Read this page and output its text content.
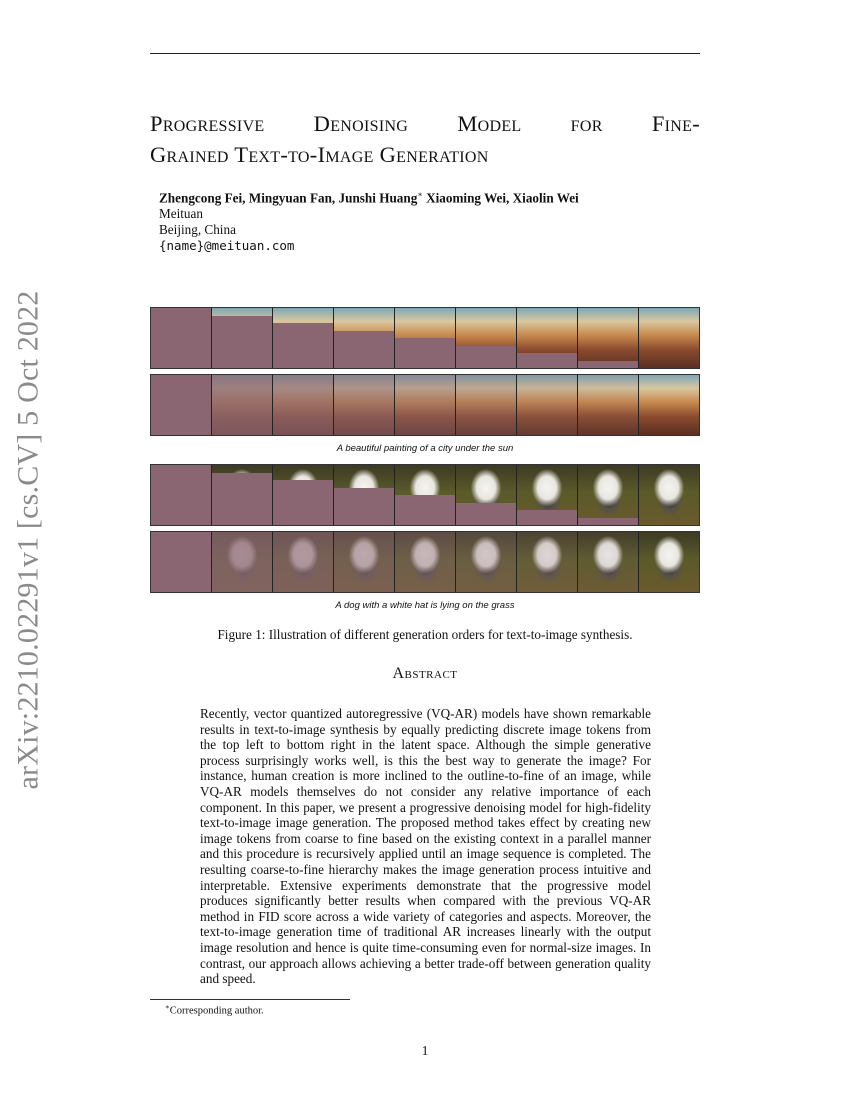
arXiv:2210.02291v1 [cs.CV] 5 Oct 2022
Progressive Denoising Model for Fine-
Grained Text-to-Image Generation
Zhengcong Fei, Mingyuan Fan, Junshi Huang∗ Xiaoming Wei, Xiaolin Wei
Meituan
Beijing, China
{name}@meituan.com
A beautiful painting of a city under the sun
A dog with a white hat is lying on the grass
Figure 1: Illustration of different generation orders for text-to-image synthesis.
Abstract

Recently, vector quantized autoregressive (VQ-AR) models have shown remarkable results in text-to-image synthesis by equally predicting discrete image tokens from the top left to bottom right in the latent space. Although the simple generative process surprisingly works well, is this the best way to generate the image? For instance, human creation is more inclined to the outline-to-fine of an image, while VQ-AR models themselves do not consider any relative importance of each component. In this paper, we present a progressive denoising model for high-fidelity text-to-image image generation. The proposed method takes effect by creating new image tokens from coarse to fine based on the existing context in a parallel manner and this procedure is recursively applied until an image sequence is completed. The resulting coarse-to-fine hierarchy makes the image generation process intuitive and interpretable. Extensive experiments demonstrate that the progressive model produces significantly better results when compared with the previous VQ-AR method in FID score across a wide variety of categories and aspects. Moreover, the text-to-image generation time of traditional AR increases linearly with the output image resolution and hence is quite time-consuming even for normal-size images. In contrast, our approach allows achieving a better trade-off between generation quality and speed.

∗Corresponding author.
1
